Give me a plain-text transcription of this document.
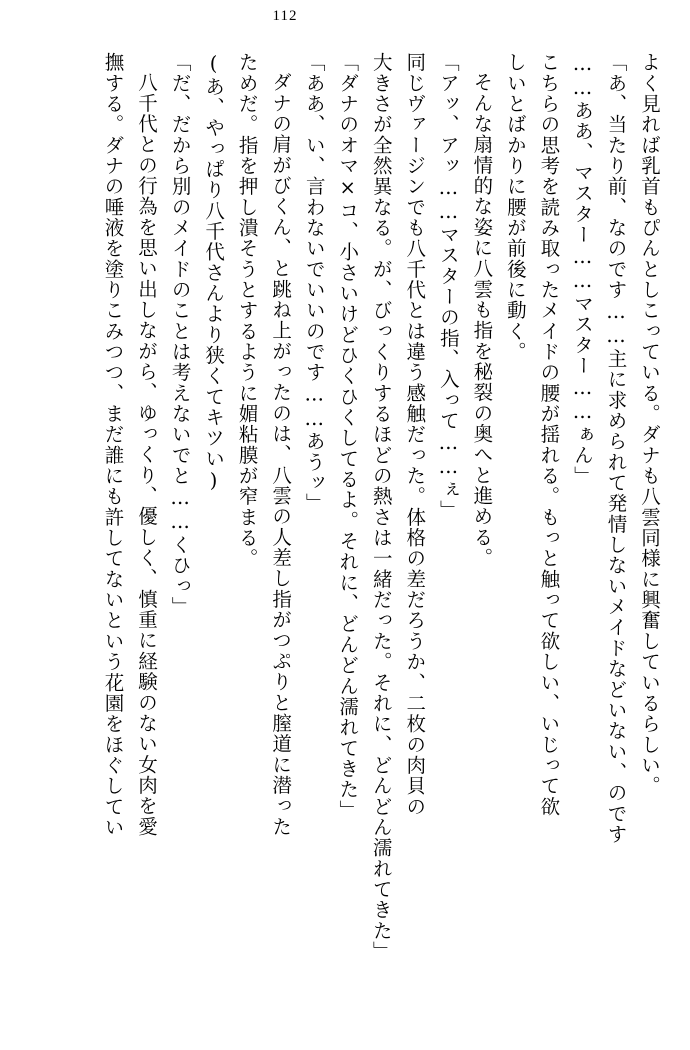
112
よく見れば乳首もぴんとしこっている。ダナも八雲同様に興奮しているらしい。
「あ、当たり前、なのです……主に求められて発情しないメイドなどいない、のです
……ああ、マスター……マスター……ぁん」
こちらの思考を読み取ったメイドの腰が揺れる。もっと触って欲しい、いじって欲
しいとばかりに腰が前後に動く。
そんな扇情的な姿に八雲も指を秘裂の奥へと進める。
「アッ、アッ……マスターの指、入って……ぇ」
同じヴァージンでも八千代とは違う感触だった。体格の差だろうか、二枚の肉貝の
大きさが全然異なる。が、びっくりするほどの熱さは一緒だった。それに、どんどん濡れてきた」
「ダナのオマ×コ、小さいけどひくひくしてるよ。それに、どんどん濡れてきた」
「ああ、い、言わないでいいのです……あうッ」
ダナの肩がびくん、と跳ね上がったのは、八雲の人差し指がつぷりと膣道に潜った
ためだ。指を押し潰そうとするように媚粘膜が窄まる。
(あ、やっぱり八千代さんより狭くてキツい)
「だ、だから別のメイドのことは考えないでと……くひっ」
八千代との行為を思い出しながら、ゆっくり、優しく、慎重に経験のない女肉を愛
撫する。ダナの唾液を塗りこみつつ、まだ誰にも許してないという花園をほぐしてい
